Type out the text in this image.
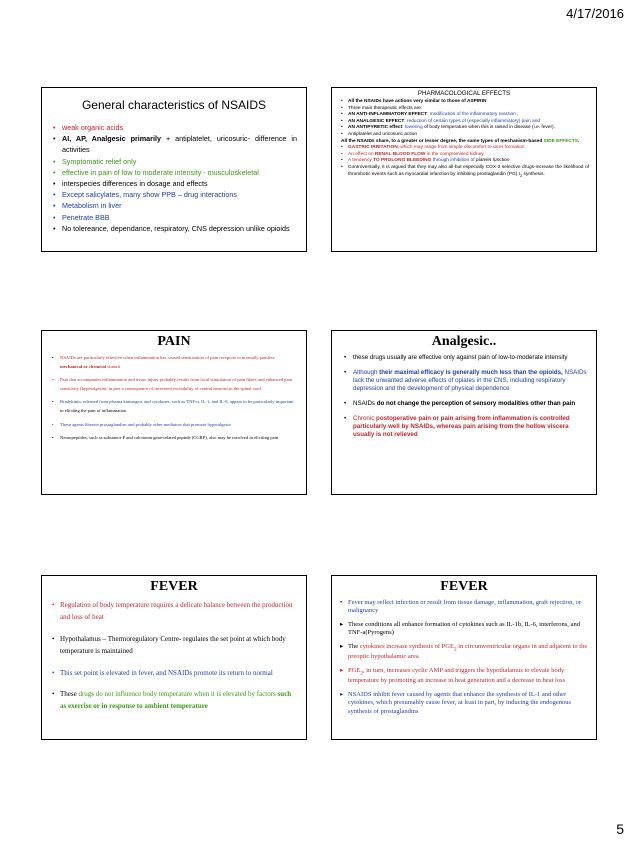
4/17/2016
General characteristics of NSAIDS
• weak organic acids
• AI, AP, Analgesic primarily + antiplatelet, uricosuric- difference in activities
• Symptomatic relief only
• effective in pain of low to moderate intensity - musculoskeletal
• interspecies differences in dosage and effects
• Except salicylates, many show PPB – drug interactions
• Metabolism in liver
• Penetrate BBB
• No tolereance, dependance, respiratory, CNS depression unlike opioids
PHARMACOLOGICAL EFFECTS
• All the NSAIDs have actions very similar to those of ASPIRIN
• Three main therapeutic effects are:
• AN ANTI-INFLAMMATORY EFFECT: modification of the inflammatory reaction ;
• AN ANALGESIC EFFECT: reduction of certain types of (especially inflammatory) pain and
• AN ANTIPYRETIC effect: lowering of body temperature when this is raised in disease (i.e. fever).
• Antiplatelet and uricosuric action
All the NSAIDs share, to a greater or lesser degree, the same types of mechanism-based SIDE EFFECTS.
• GASTRIC IRRITATION, which may range from simple discomfort to ulcer formation
• An effect on RENAL BLOOD FLOW in the compromised kidney
• A tendency TO PROLONG BLEEDING through inhibition of platelet function
• Controversially, it is argued that they may also all-but especially COX-2 selective drugs-increase the likelihood of thrombotic events such as myocardial infarction by inhibiting prostaglandin (PG) $I_2$ synthesis.
PAIN
• NSAIDs are particularly effective when inflammation has caused sensitization of pain receptors to normally painless mechanical or chemical stimuli
• Pain that accompanies inflammation and tissue injury probably results from local stimulation of pain fibers and enhanced pain sensitivity (hyperalgesia), in part a consequence of increased excitability of central neurons in the spinal cord
• Bradykinin, released from plasma kininogen, and cytokines, such as TNF-α, IL-1, and IL-8, appear to be particularly important in eliciting the pain of inflammation
• These agents liberate prostaglandins and probably other mediators that promote hyperalgesia
• Neuropeptides, such as substance P and calcitonin gene-related peptide (CGRP), also may be involved in eliciting pain
Analgesic..
• these drugs usually are effective only against pain of low-to-moderate intensity
• Although their maximal efficacy is generally much less than the opioids, NSAIDs lack the unwanted adverse effects of opiates in the CNS, including respiratory depression and the development of physical dependence
• NSAIDs do not change the perception of sensory modalities other than pain
• Chronic postoperative pain or pain arising from inflammation is controlled particularly well by NSAIDs, whereas pain arising from the hollow viscera usually is not relieved
FEVER
• Regulation of body temperature requires a delicate balance between the production and loss of heat
• Hypothalamus – Thermoregulatory Centre- regulates the set point at which body temperature is maintained
• This set point is elevated in fever, and NSAIDs promote its return to normal
• These drugs do not influence body temperature when it is elevated by factors such as exercise or in response to ambient temperature
FEVER
• Fever may reflect infection or result from tissue damage, inflammation, graft rejection, or malignancy
▸ These conditions all enhance formation of cytokines such as IL-1b, IL-6, interferons, and TNF-a(Pyrogens)
▸ The cytokines increase synthesis of $PGE_2$ in circumventricular organs in and adjacent to the preoptic hypothalamic area
▸ $PGE_2$, in turn, increases cyclic AMP and triggers the hypothalamus to elevate body temperature by promoting an increase in heat generation and a decrease in heat loss
▸ NSAIDS inhibit fever caused by agents that enhance the synthesis of IL-1 and other cytokines, which presumably cause fever, at least in part, by inducing the endogenous synthesis of prostaglandins
5
